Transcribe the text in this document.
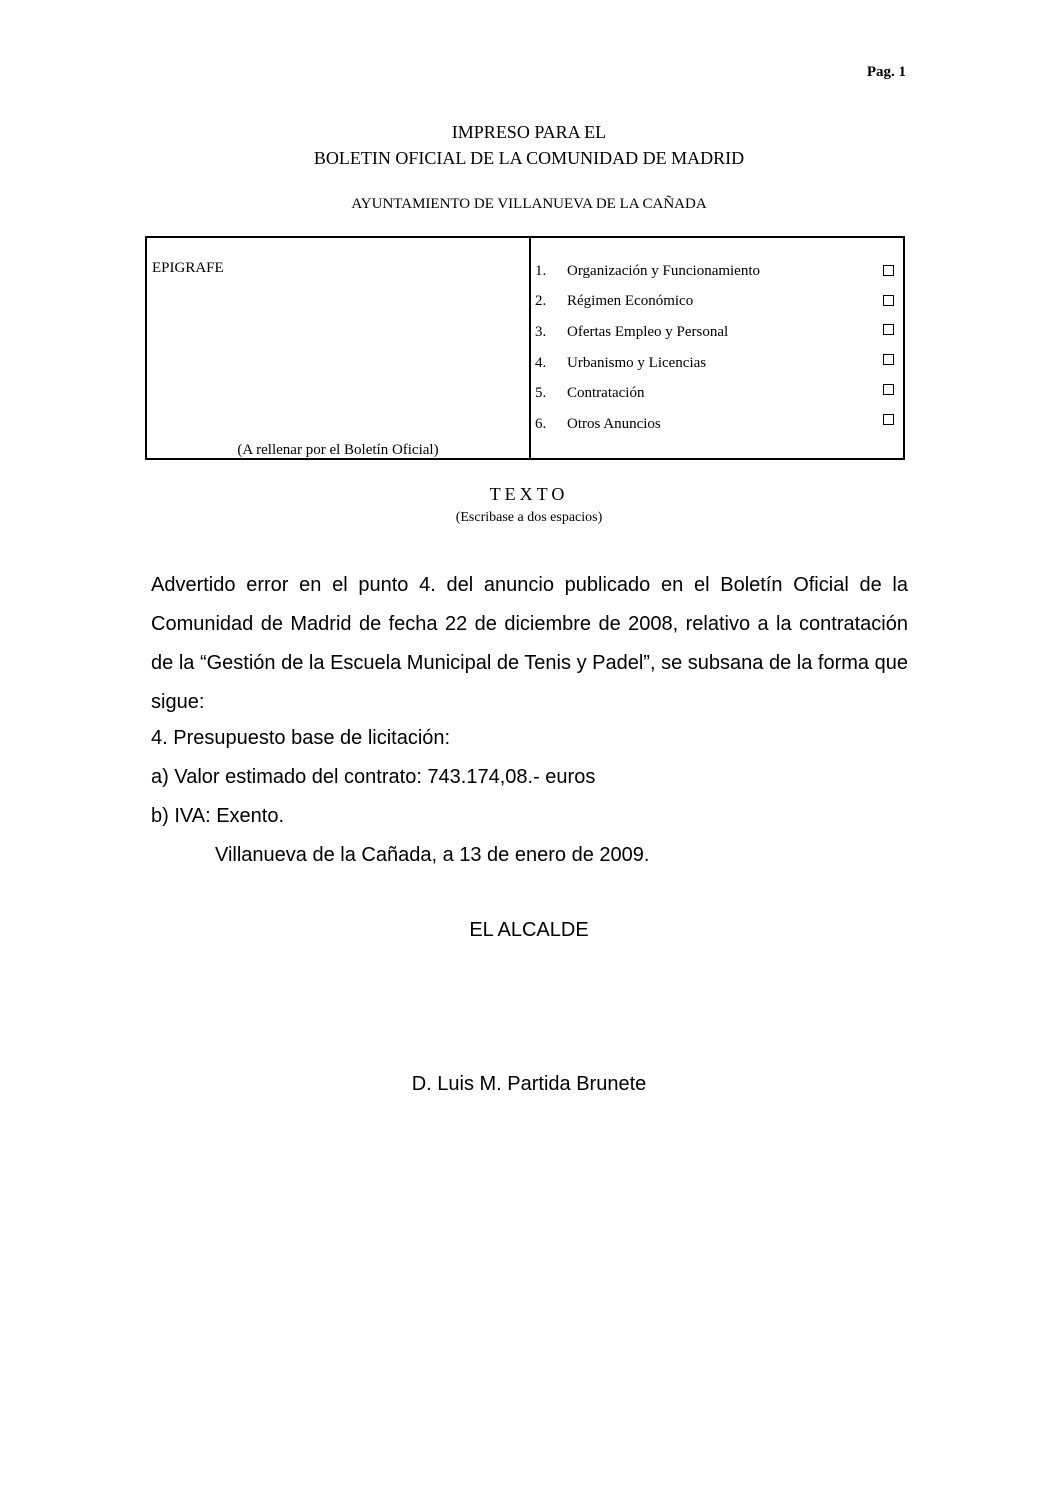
Pag. 1
IMPRESO PARA EL
BOLETIN OFICIAL DE LA COMUNIDAD DE MADRID
AYUNTAMIENTO DE VILLANUEVA DE LA CAÑADA
EPIGRAFE
(A rellenar por el Boletín Oficial)
1. Organización y Funcionamiento
2. Régimen Económico
3. Ofertas Empleo y Personal
4. Urbanismo y Licencias
5. Contratación
6. Otros Anuncios
TEXTO
(Escribase a dos espacios)
Advertido error en el punto 4. del anuncio publicado en el Boletín Oficial de la Comunidad de Madrid de fecha 22 de diciembre de 2008, relativo a la contratación de la “Gestión de la Escuela Municipal de Tenis y Padel”, se subsana de la forma que sigue:
4. Presupuesto base de licitación:
a) Valor estimado del contrato: 743.174,08.- euros
b) IVA: Exento.
Villanueva de la Cañada, a 13 de enero de 2009.
EL ALCALDE
D. Luis M. Partida Brunete
